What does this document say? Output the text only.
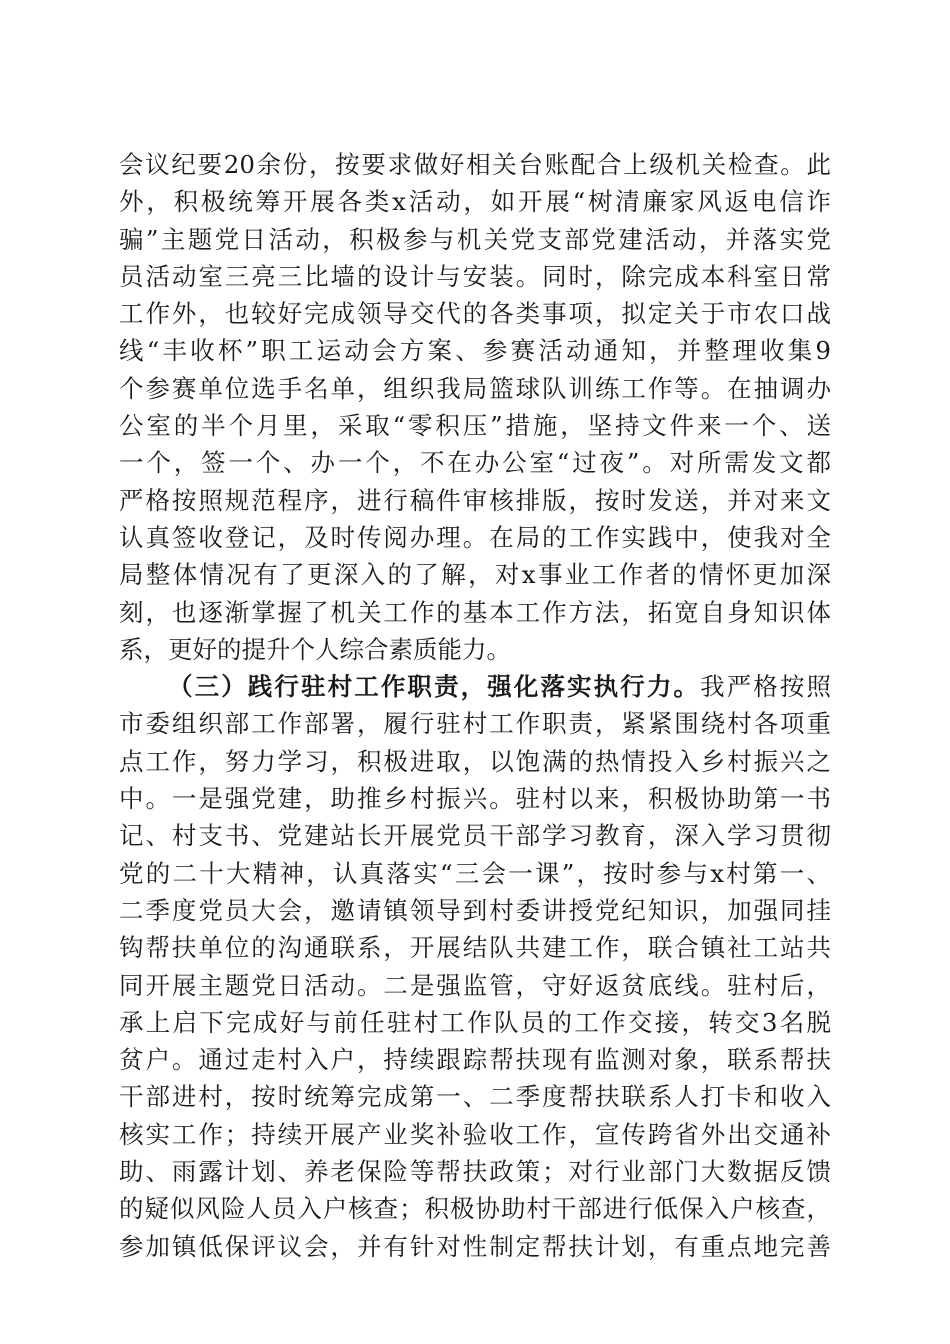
会议纪要20余份，按要求做好相关台账配合上级机关检查。此
外，积极统筹开展各类x活动，如开展“树清廉家风返电信诈
骗”主题党日活动，积极参与机关党支部党建活动，并落实党
员活动室三亮三比墙的设计与安装。同时，除完成本科室日常
工作外，也较好完成领导交代的各类事项，拟定关于市农口战
线“丰收杯”职工运动会方案、参赛活动通知，并整理收集9
个参赛单位选手名单，组织我局篮球队训练工作等。在抽调办
公室的半个月里，采取“零积压”措施，坚持文件来一个、送
一个，签一个、办一个，不在办公室“过夜”。对所需发文都
严格按照规范程序，进行稿件审核排版，按时发送，并对来文
认真签收登记，及时传阅办理。在局的工作实践中，使我对全
局整体情况有了更深入的了解，对x事业工作者的情怀更加深
刻，也逐渐掌握了机关工作的基本工作方法，拓宽自身知识体
系，更好的提升个人综合素质能力。
（三）践行驻村工作职责，强化落实执行力。我严格按照
市委组织部工作部署，履行驻村工作职责，紧紧围绕村各项重
点工作，努力学习，积极进取，以饱满的热情投入乡村振兴之
中。一是强党建，助推乡村振兴。驻村以来，积极协助第一书
记、村支书、党建站长开展党员干部学习教育，深入学习贯彻
党的二十大精神，认真落实“三会一课”，按时参与x村第一、
二季度党员大会，邀请镇领导到村委讲授党纪知识，加强同挂
钩帮扶单位的沟通联系，开展结队共建工作，联合镇社工站共
同开展主题党日活动。二是强监管，守好返贫底线。驻村后，
承上启下完成好与前任驻村工作队员的工作交接，转交3名脱
贫户。通过走村入户，持续跟踪帮扶现有监测对象，联系帮扶
干部进村，按时统筹完成第一、二季度帮扶联系人打卡和收入
核实工作；持续开展产业奖补验收工作，宣传跨省外出交通补
助、雨露计划、养老保险等帮扶政策；对行业部门大数据反馈
的疑似风险人员入户核查；积极协助村干部进行低保入户核查，
参加镇低保评议会，并有针对性制定帮扶计划，有重点地完善
